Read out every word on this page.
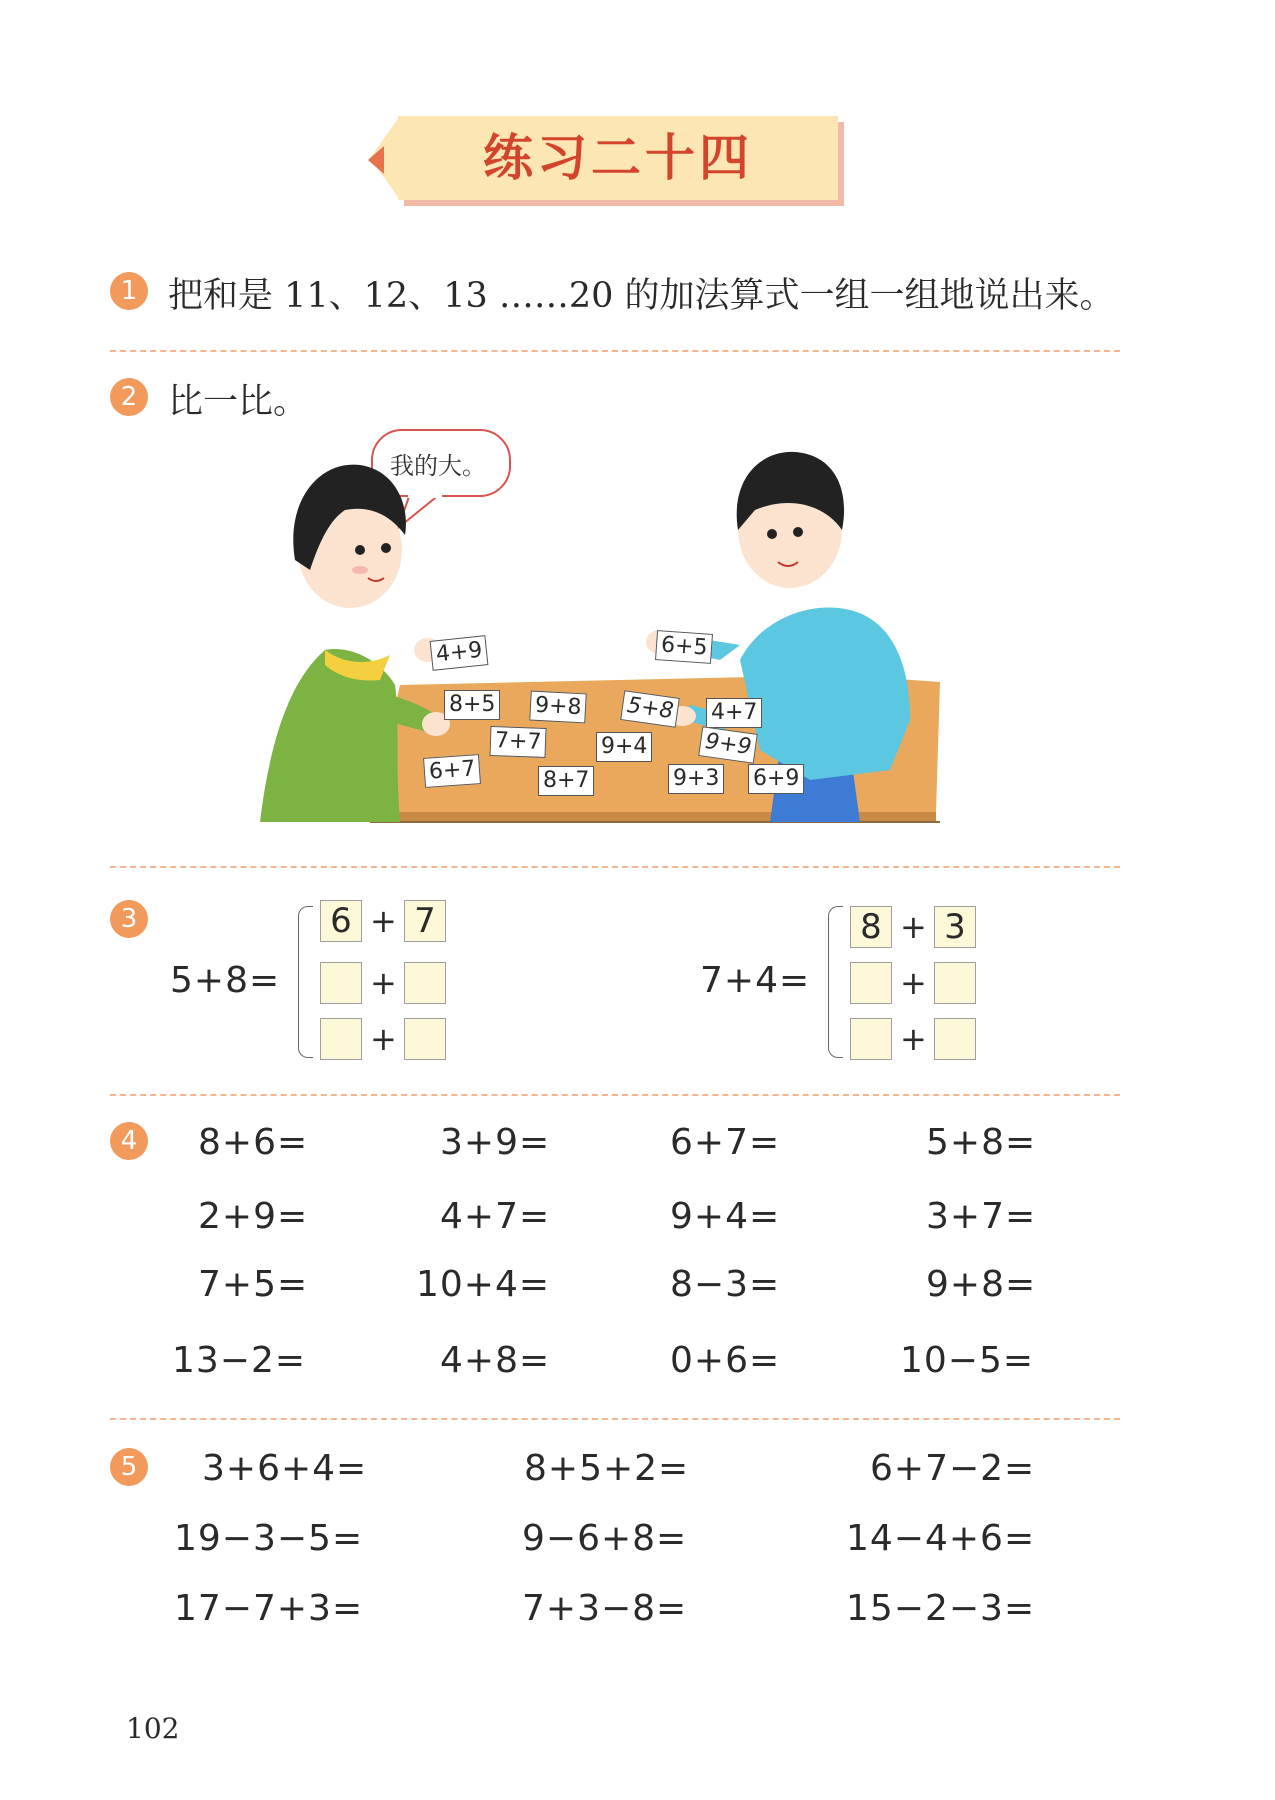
练习二十四
1 把和是 11、12、13 ……20 的加法算式一组一组地说出来。
2 比一比。
我的大。
4+9	6+5
8+5 9+8 5+8 4+7
7+7	9+4	9+9
6+7	8+7	9+3 6+9
3
5+8=
6 + 7
+
+
7+4=
8 + 3
+
+
4 8+6=	3+9=	6+7=	5+8=
2+9=	4+7=	9+4=	3+7=
7+5=	10+4=	8−3=	9+8=
13−2=	4+8=	0+6=	10−5=
5 3+6+4=	8+5+2=	6+7−2=
19−3−5=	9−6+8=	14−4+6=
17−7+3=	7+3−8=	15−2−3=
102
